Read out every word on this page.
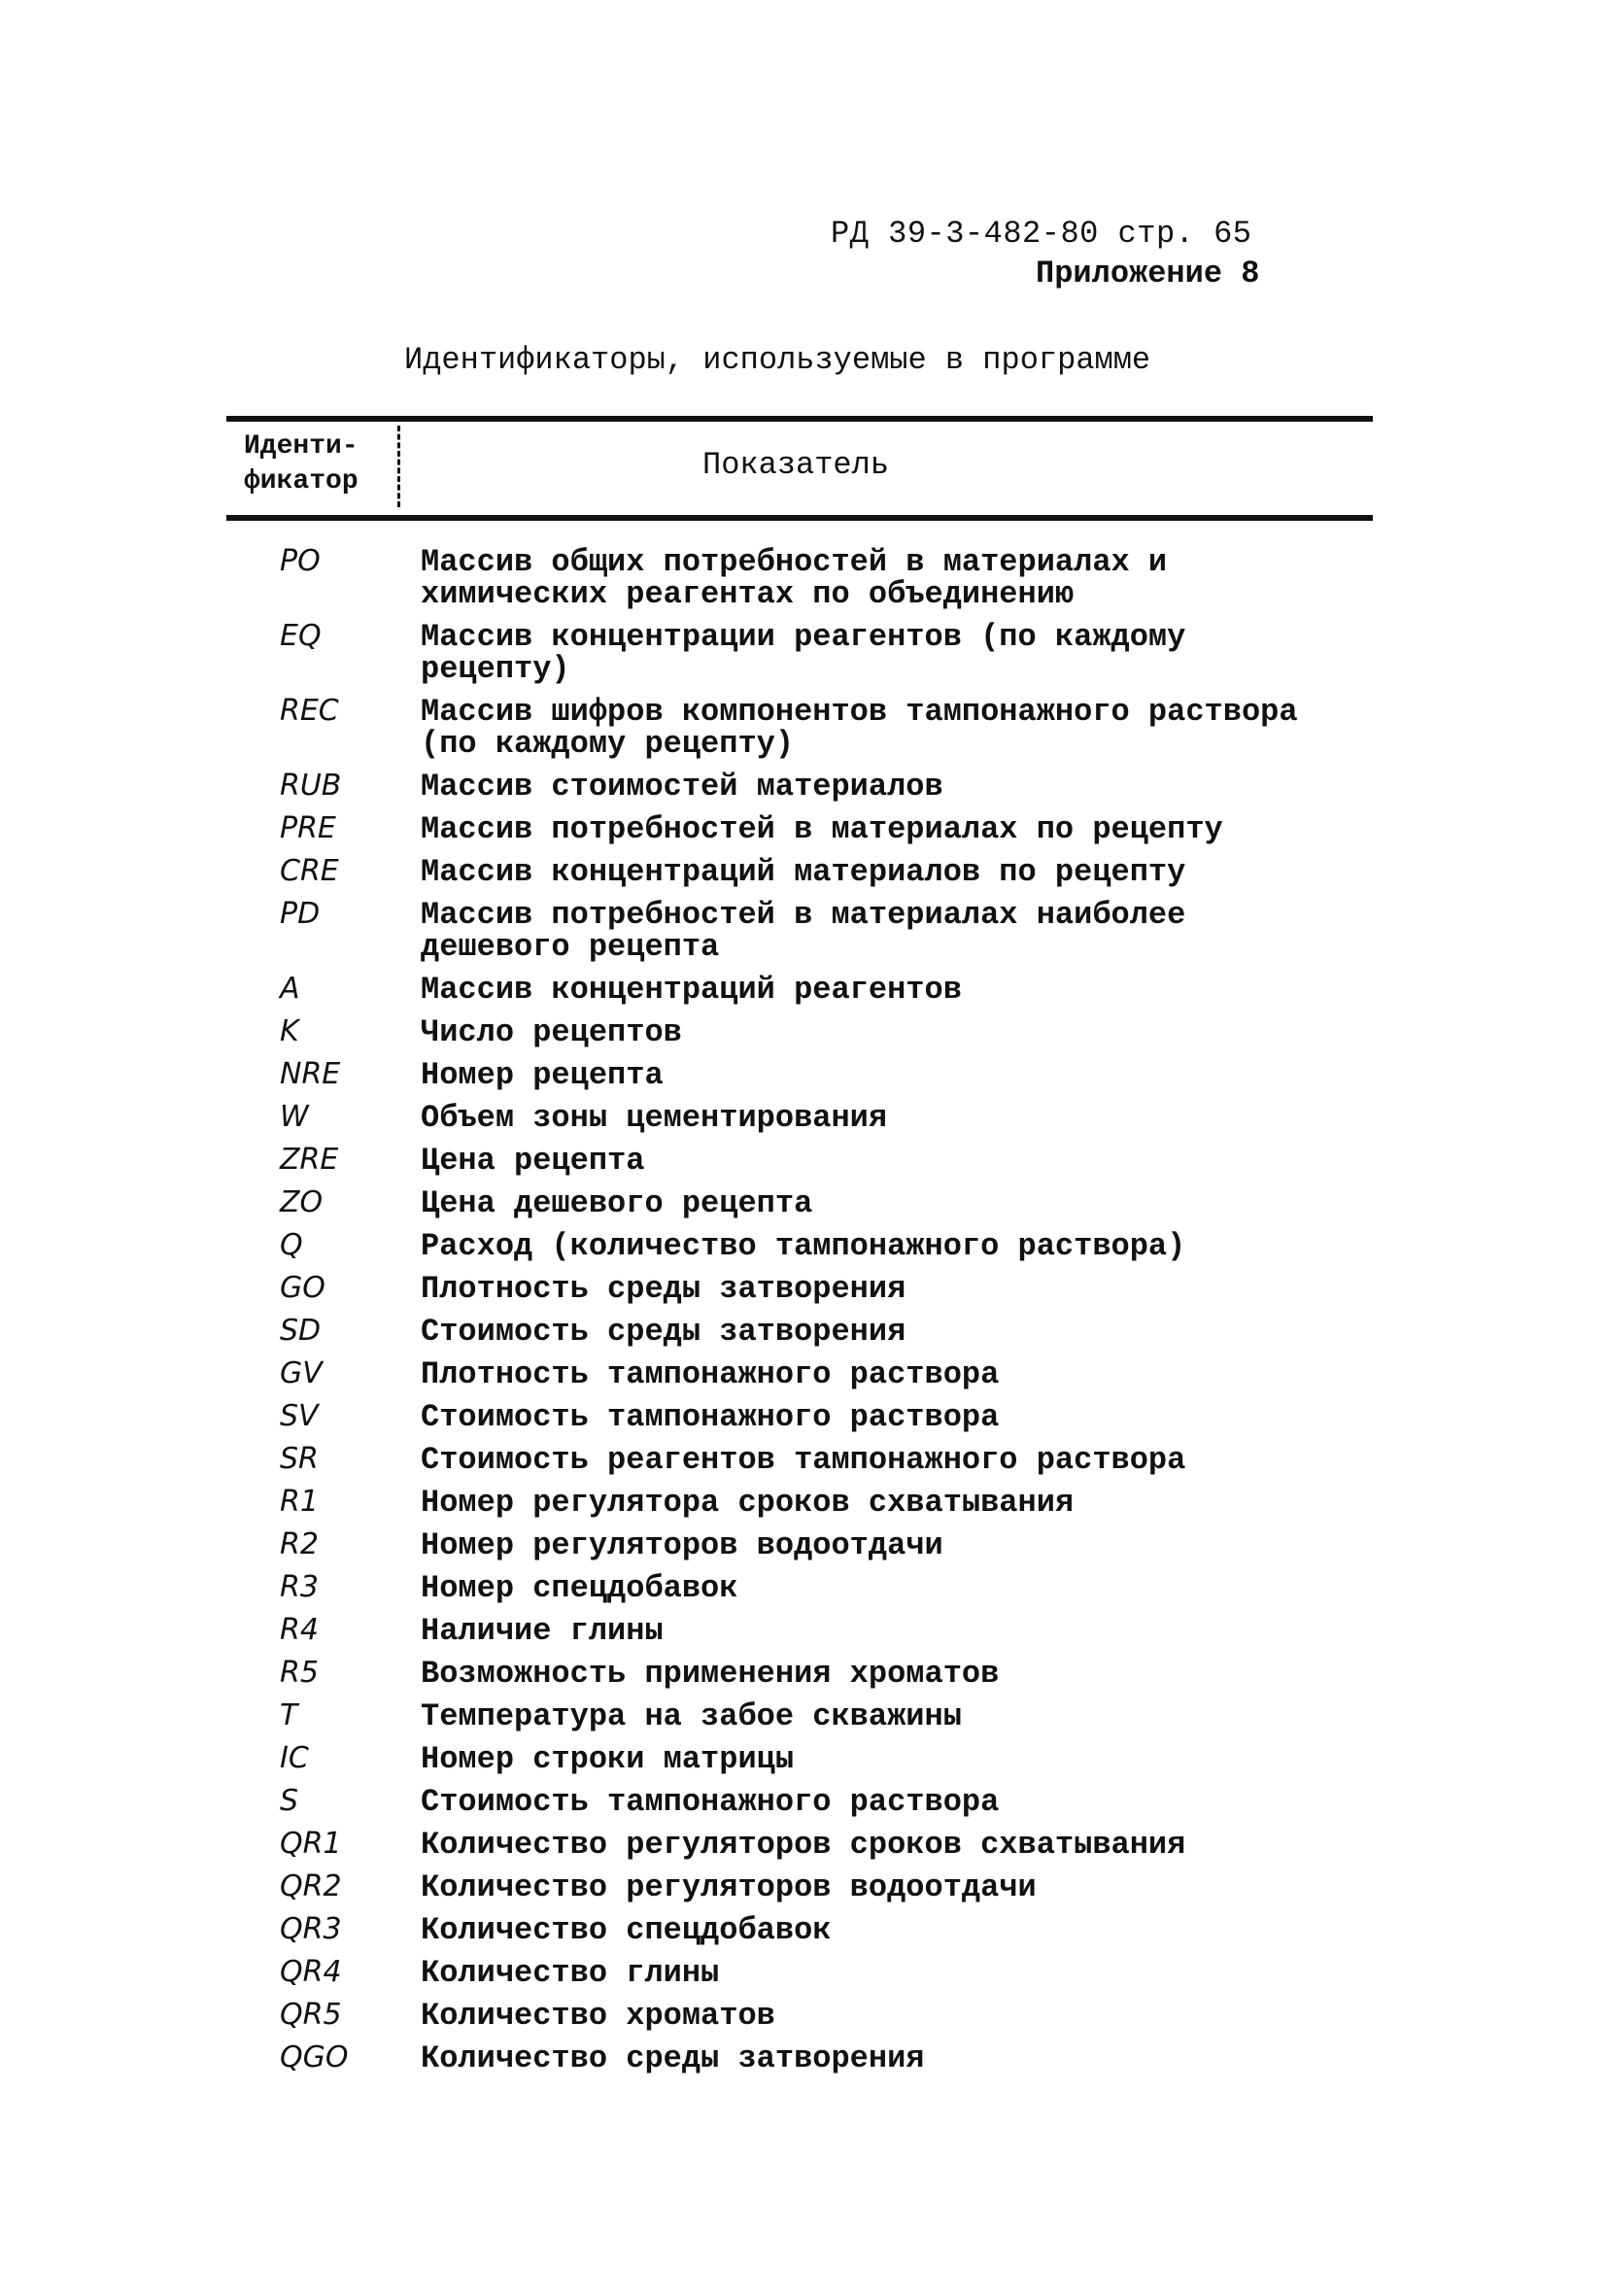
РД 39-3-482-80 стр. 65
Приложение 8
Идентификаторы, используемые в программе
Иденти-
фикатор	Показатель
PO	Массив общих потребностей в материалах и химических реагентах по объединению
EQ	Массив концентрации реагентов (по каждому рецепту)
REC	Массив шифров компонентов тампонажного раствора (по каждому рецепту)
RUB	Массив стоимостей материалов
PRE	Массив потребностей в материалах по рецепту
CRE	Массив концентраций материалов по рецепту
PD	Массив потребностей в материалах наиболее дешевого рецепта
A	Массив концентраций реагентов
K	Число рецептов
NRE	Номер рецепта
W	Объем зоны цементирования
ZRE	Цена рецепта
ZO	Цена дешевого рецепта
Q	Расход (количество тампонажного раствора)
GO	Плотность среды затворения
SD	Стоимость среды затворения
GV	Плотность тампонажного раствора
SV	Стоимость тампонажного раствора
SR	Стоимость реагентов тампонажного раствора
R1	Номер регулятора сроков схватывания
R2	Номер регуляторов водоотдачи
R3	Номер спецдобавок
R4	Наличие глины
R5	Возможность применения хроматов
T	Температура на забое скважины
IC	Номер строки матрицы
S	Стоимость тампонажного раствора
QR1	Количество регуляторов сроков схватывания
QR2	Количество регуляторов водоотдачи
QR3	Количество спецдобавок
QR4	Количество глины
QR5	Количество хроматов
QGO	Количество среды затворения
